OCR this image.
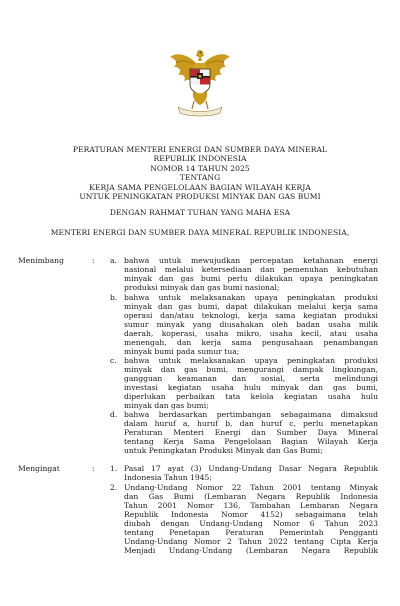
PERATURAN MENTERI ENERGI DAN SUMBER DAYA MINERAL
REPUBLIK INDONESIA
NOMOR 14 TAHUN 2025
TENTANG
KERJA SAMA PENGELOLAAN BAGIAN WILAYAH KERJA
UNTUK PENINGKATAN PRODUKSI MINYAK DAN GAS BUMI
DENGAN RAHMAT TUHAN YANG MAHA ESA
MENTERI ENERGI DAN SUMBER DAYA MINERAL REPUBLIK INDONESIA,
Menimbang	: a. bahwa untuk mewujudkan percepatan ketahanan energi
nasional melalui ketersediaan dan pemenuhan kebutuhan
minyak dan gas bumi perlu dilakukan upaya peningkatan
produksi minyak dan gas bumi nasional;
b. bahwa untuk melaksanakan upaya peningkatan produksi
minyak dan gas bumi, dapat dilakukan melalui kerja sama
operasi dan/atau teknologi, kerja sama kegiatan produksi
sumur minyak yang diusahakan oleh badan usaha milik
daerah, koperasi, usaha mikro, usaha kecil, atau usaha
menengah, dan kerja sama pengusahaan penambangan
minyak bumi pada sumur tua;
c. bahwa untuk melaksanakan upaya peningkatan produksi
minyak dan gas bumi, mengurangi dampak lingkungan,
gangguan keamanan dan sosial, serta melindungi
investasi kegiatan usaha hulu minyak dan gas bumi,
diperlukan perbaikan tata kelola kegiatan usaha hulu
minyak dan gas bumi;
d. bahwa berdasarkan pertimbangan sebagaimana dimaksud
dalam huruf a, huruf b, dan huruf c, perlu menetapkan
Peraturan Menteri Energi dan Sumber Daya Mineral
tentang Kerja Sama Pengelolaan Bagian Wilayah Kerja
untuk Peningkatan Produksi Minyak dan Gas Bumi;
Mengingat	: 1. Pasal 17 ayat (3) Undang-Undang Dasar Negara Republik
Indonesia Tahun 1945;
2. Undang-Undang Nomor 22 Tahun 2001 tentang Minyak
dan Gas Bumi (Lembaran Negara Republik Indonesia
Tahun 2001 Nomor 136, Tambahan Lembaran Negara
Republik Indonesia Nomor 4152) sebagaimana telah
diubah dengan Undang-Undang Nomor 6 Tahun 2023
tentang Penetapan Peraturan Pemerintah Pengganti
Undang-Undang Nomor 2 Tahun 2022 tentang Cipta Kerja
Menjadi Undang-Undang (Lembaran Negara Republik
